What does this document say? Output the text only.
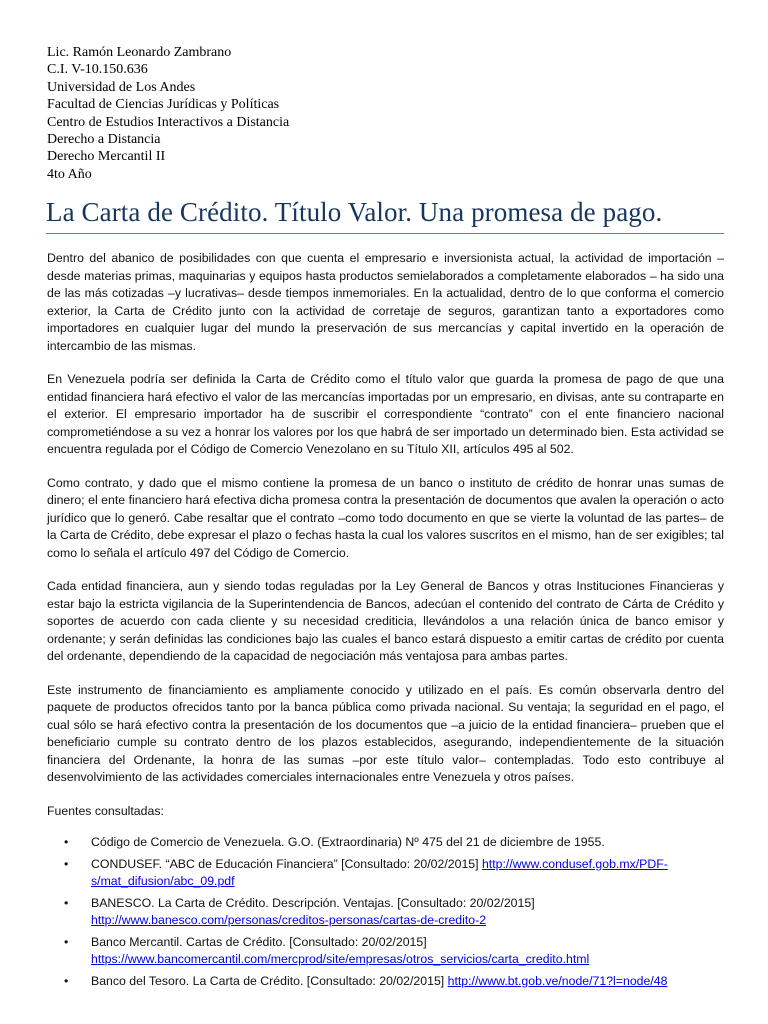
Lic. Ramón Leonardo Zambrano
C.I. V-10.150.636
Universidad de Los Andes
Facultad de Ciencias Jurídicas y Políticas
Centro de Estudios Interactivos a Distancia
Derecho a Distancia
Derecho Mercantil II
4to Año
La Carta de Crédito. Título Valor. Una promesa de pago.

Dentro del abanico de posibilidades con que cuenta el empresario e inversionista actual, la actividad de importación – desde materias primas, maquinarias y equipos hasta productos semielaborados a completamente elaborados – ha sido una de las más cotizadas –y lucrativas– desde tiempos inmemoriales. En la actualidad, dentro de lo que conforma el comercio exterior, la Carta de Crédito junto con la actividad de corretaje de seguros, garantizan tanto a exportadores como importadores en cualquier lugar del mundo la preservación de sus mercancías y capital invertido en la operación de intercambio de las mismas.

En Venezuela podría ser definida la Carta de Crédito como el título valor que guarda la promesa de pago de que una entidad financiera hará efectivo el valor de las mercancías importadas por un empresario, en divisas, ante su contraparte en el exterior. El empresario importador ha de suscribir el correspondiente “contrato” con el ente financiero nacional comprometiéndose a su vez a honrar los valores por los que habrá de ser importado un determinado bien. Esta actividad se encuentra regulada por el Código de Comercio Venezolano en su Título XII, artículos 495 al 502.

Como contrato, y dado que el mismo contiene la promesa de un banco o instituto de crédito de honrar unas sumas de dinero; el ente financiero hará efectiva dicha promesa contra la presentación de documentos que avalen la operación o acto jurídico que lo generó. Cabe resaltar que el contrato –como todo documento en que se vierte la voluntad de las partes– de la Carta de Crédito, debe expresar el plazo o fechas hasta la cual los valores suscritos en el mismo, han de ser exigibles; tal como lo señala el artículo 497 del Código de Comercio.

Cada entidad financiera, aun y siendo todas reguladas por la Ley General de Bancos y otras Instituciones Financieras y estar bajo la estricta vigilancia de la Superintendencia de Bancos, adecúan el contenido del contrato de Cárta de Crédito y soportes de acuerdo con cada cliente y su necesidad crediticia, llevándolos a una relación única de banco emisor y ordenante; y serán definidas las condiciones bajo las cuales el banco estará dispuesto a emitir cartas de crédito por cuenta del ordenante, dependiendo de la capacidad de negociación más ventajosa para ambas partes.

Este instrumento de financiamiento es ampliamente conocido y utilizado en el país. Es común observarla dentro del paquete de productos ofrecidos tanto por la banca pública como privada nacional. Su ventaja; la seguridad en el pago, el cual sólo se hará efectivo contra la presentación de los documentos que –a juicio de la entidad financiera– prueben que el beneficiario cumple su contrato dentro de los plazos establecidos, asegurando, independientemente de la situación financiera del Ordenante, la honra de las sumas –por este título valor– contempladas. Todo esto contribuye al desenvolvimiento de las actividades comerciales internacionales entre Venezuela y otros países.

Fuentes consultadas:
• Código de Comercio de Venezuela. G.O. (Extraordinaria) Nº 475 del 21 de diciembre de 1955.
• CONDUSEF. “ABC de Educación Financiera” [Consultado: 20/02/2015] http://www.condusef.gob.mx/PDF-s/mat_difusion/abc_09.pdf
• BANESCO. La Carta de Crédito. Descripción. Ventajas. [Consultado: 20/02/2015] http://www.banesco.com/personas/creditos-personas/cartas-de-credito-2
• Banco Mercantil. Cartas de Crédito. [Consultado: 20/02/2015] https://www.bancomercantil.com/mercprod/site/empresas/otros_servicios/carta_credito.html
• Banco del Tesoro. La Carta de Crédito. [Consultado: 20/02/2015] http://www.bt.gob.ve/node/71?l=node/48
